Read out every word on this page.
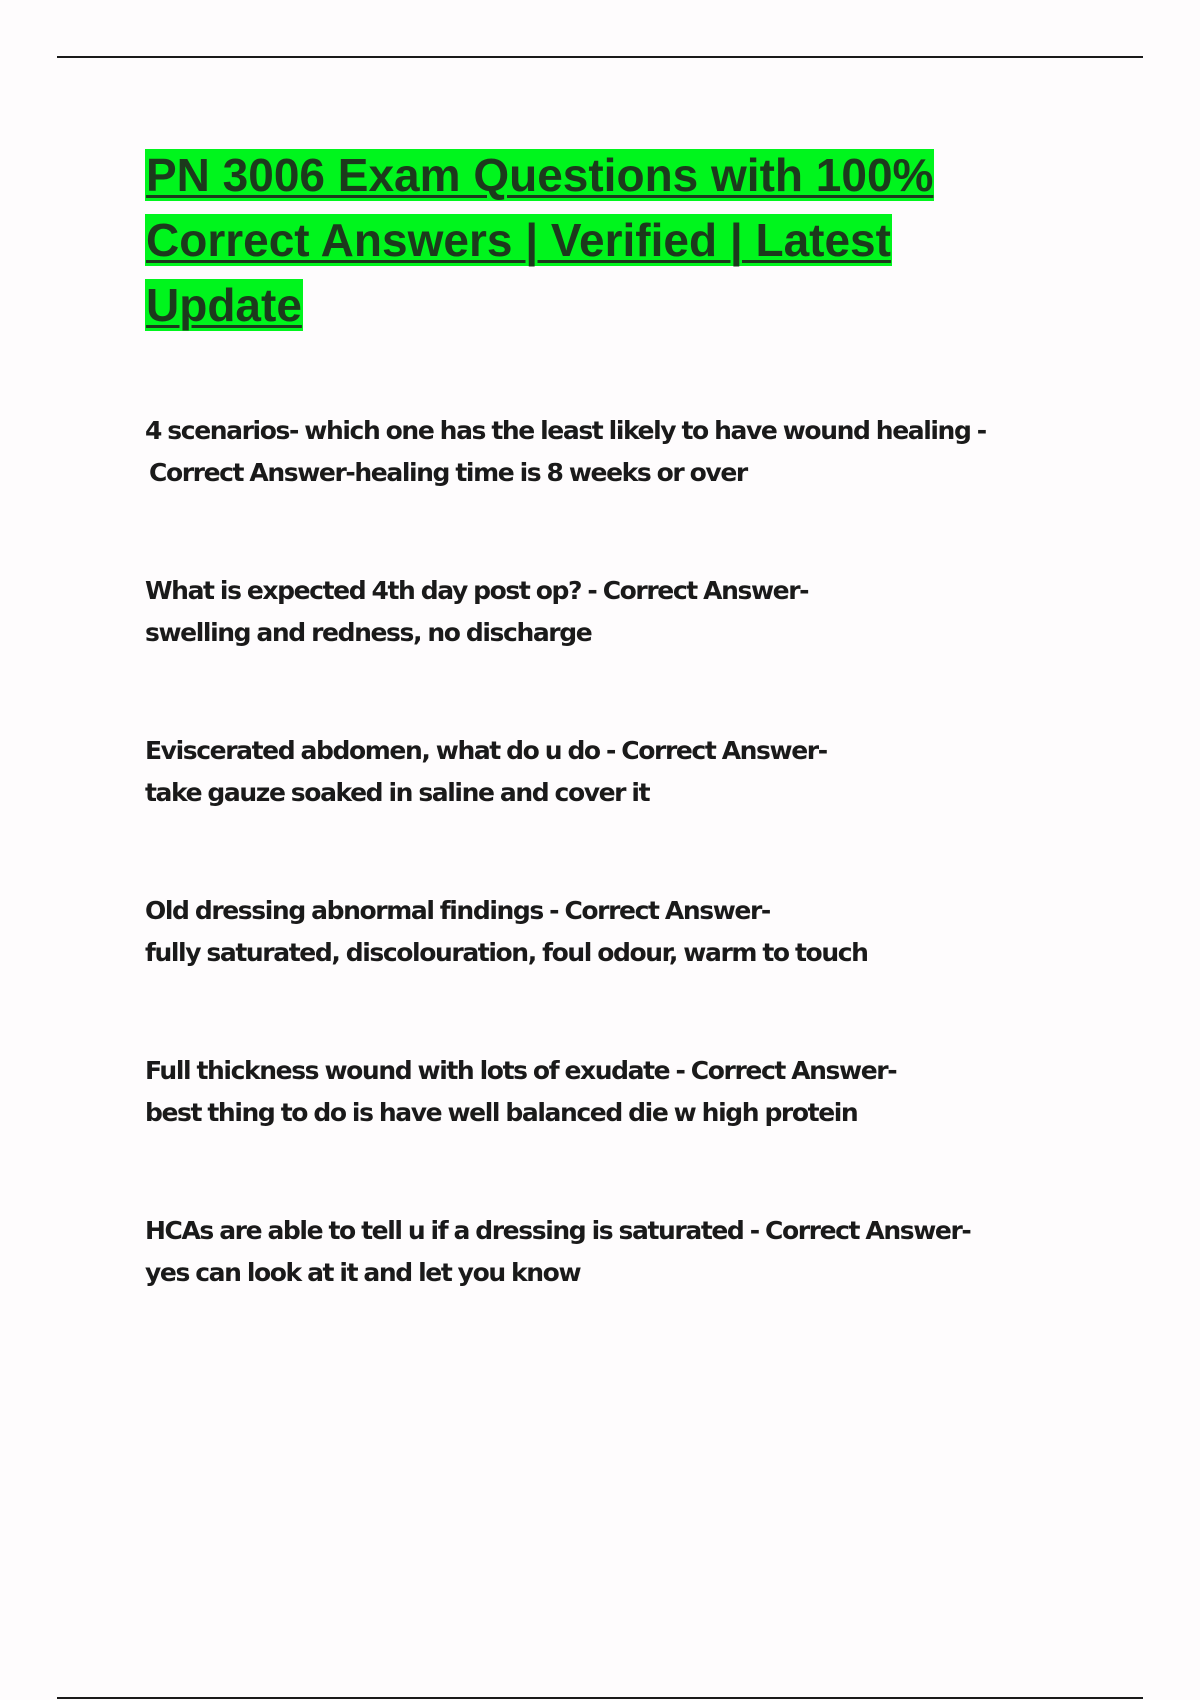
PN 3006 Exam Questions with 100% Correct Answers | Verified | Latest Update
4 scenarios- which one has the least likely to have wound healing -
Correct Answer-healing time is 8 weeks or over
What is expected 4th day post op? - Correct Answer-
swelling and redness, no discharge
Eviscerated abdomen, what do u do - Correct Answer-
take gauze soaked in saline and cover it
Old dressing abnormal findings - Correct Answer-
fully saturated, discolouration, foul odour, warm to touch
Full thickness wound with lots of exudate - Correct Answer-
best thing to do is have well balanced die w high protein
HCAs are able to tell u if a dressing is saturated - Correct Answer-
yes can look at it and let you know
